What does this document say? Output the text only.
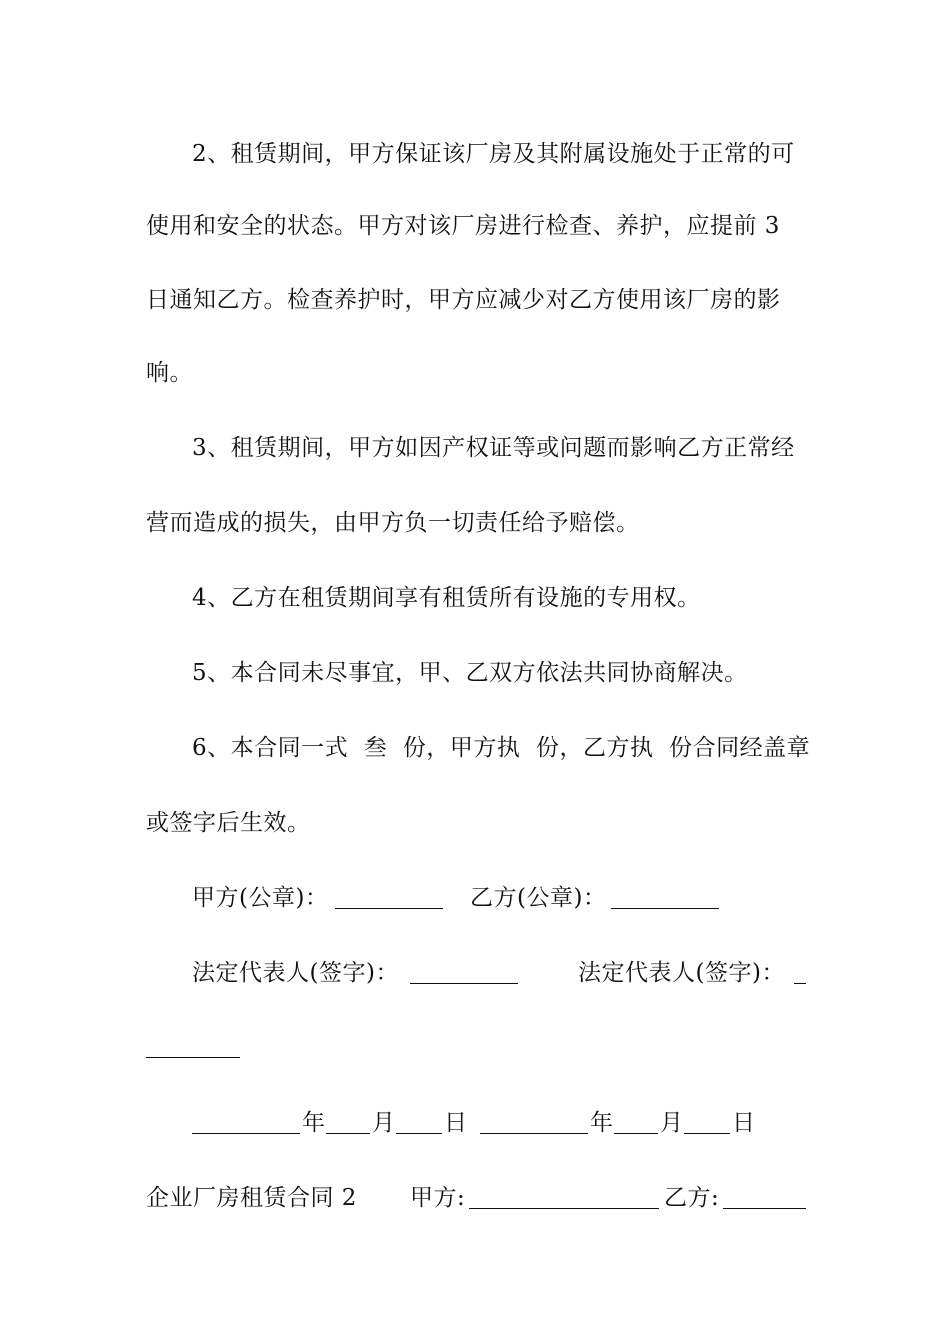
2、租赁期间，甲方保证该厂房及其附属设施处于正常的可
使用和安全的状态。甲方对该厂房进行检查、养护，应提前 3
日通知乙方。检查养护时，甲方应减少对乙方使用该厂房的影
响。
3、租赁期间，甲方如因产权证等或问题而影响乙方正常经
营而造成的损失，由甲方负一切责任给予赔偿。
4、乙方在租赁期间享有租赁所有设施的专用权。
5、本合同未尽事宜，甲、乙双方依法共同协商解决。
6、本合同一式  叁  份，甲方执  份，乙方执  份合同经盖章
或签字后生效。
甲方(公章)：	乙方(公章)：
法定代表人(签字)：	法定代表人(签字)：
年 月 日	年 月 日
企业厂房租赁合同 2 甲方:	乙方:
